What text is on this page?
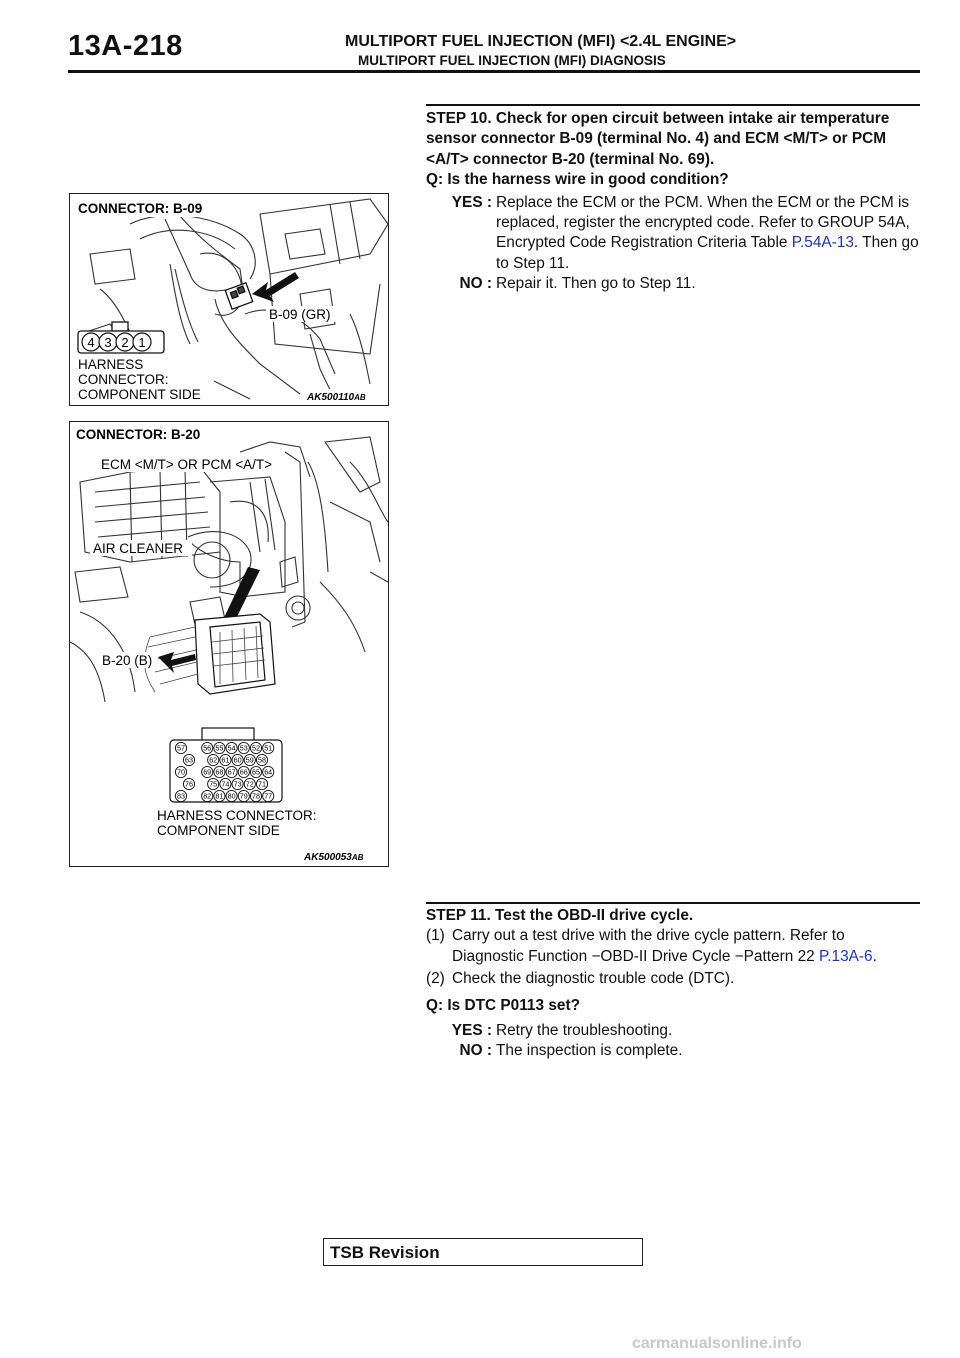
13A-218	MULTIPORT FUEL INJECTION (MFI) <2.4L ENGINE>
MULTIPORT FUEL INJECTION (MFI) DIAGNOSIS
4 3 2 1
CONNECTOR: B-09
B-09 (GR)
HARNESS
CONNECTOR:
COMPONENT SIDE	AK500110AB
57	56 55 54 53 52 51
63 62 61 60 59 58
70	69 68 67 66 65 64
76 75 74 73 72 71
83	82 81 80 79 78 77
CONNECTOR: B-20
ECM <M/T> OR PCM <A/T>
AIR CLEANER
B-20 (B)
HARNESS CONNECTOR:
COMPONENT SIDE
AK500053AB

STEP 10. Check for open circuit between intake air temperature sensor connector B-09 (terminal No. 4) and ECM <M/T> or PCM <A/T> connector B-20 (terminal No. 69).

Q: Is the harness wire in good condition?

YES : Replace the ECM or the PCM. When the ECM or the PCM is replaced, register the encrypted code. Refer to GROUP 54A, Encrypted Code Registration Criteria Table P.54A-13. Then go to Step 11.
NO : Repair it. Then go to Step 11.

STEP 11. Test the OBD-II drive cycle.

(1) Carry out a test drive with the drive cycle pattern. Refer to Diagnostic Function −OBD-II Drive Cycle −Pattern 22 P.13A-6.
(2) Check the diagnostic trouble code (DTC).

Q: Is DTC P0113 set?

YES : Retry the troubleshooting.
NO : The inspection is complete.
TSB Revision
carmanualsonline.info
